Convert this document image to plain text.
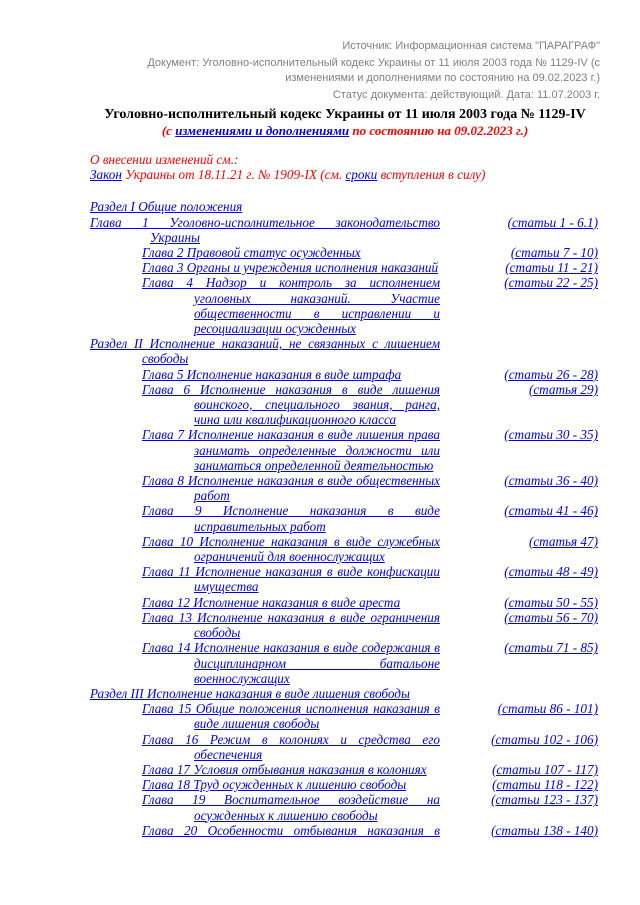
Источник: Информационная система "ПАРАГРАФ"

Документ: Уголовно-исполнительный кодекс Украины от 11 июля 2003 года № 1129-IV (с изменениями и дополнениями по состоянию на 09.02.2023 г.)

Статус документа: действующий. Дата: 11.07.2003 г.

Уголовно-исполнительный кодекс Украины от 11 июля 2003 года № 1129-IV

(с изменениями и дополнениями по состоянию на 09.02.2023 г.)

О внесении изменений см.:

Закон Украины от 18.11.21 г. № 1909-IX (см. сроки вступления в силу)

Раздел I Общие положения	

Глава 1 Уголовно-исполнительное законодательство Украины	(статьи 1 - 6.1)

Глава 2 Правовой статус осужденных	(статьи 7 - 10)

Глава 3 Органы и учреждения исполнения наказаний	(статьи 11 - 21)

Глава 4 Надзор и контроль за исполнением уголовных наказаний. Участие общественности в исправлении и ресоциализации осужденных	(статьи 22 - 25)

Раздел II Исполнение наказаний, не связанных с лишением свободы	

Глава 5 Исполнение наказания в виде штрафа	(статьи 26 - 28)

Глава 6 Исполнение наказания в виде лишения воинского, специального звания, ранга, чина или квалификационного класса	(статья 29)

Глава 7 Исполнение наказания в виде лишения права занимать определенные должности или заниматься определенной деятельностью	(статьи 30 - 35)

Глава 8 Исполнение наказания в виде общественных работ	(статьи 36 - 40)

Глава 9 Исполнение наказания в виде исправительных работ	(статьи 41 - 46)

Глава 10 Исполнение наказания в виде служебных ограничений для военнослужащих	(статья 47)

Глава 11 Исполнение наказания в виде конфискации имущества	(статьи 48 - 49)

Глава 12 Исполнение наказания в виде ареста	(статьи 50 - 55)

Глава 13 Исполнение наказания в виде ограничения свободы	(статьи 56 - 70)

Глава 14 Исполнение наказания в виде содержания в дисциплинарном батальоне военнослужащих	(статьи 71 - 85)

Раздел III Исполнение наказания в виде лишения свободы	

Глава 15 Общие положения исполнения наказания в виде лишения свободы	(статьи 86 - 101)

Глава 16 Режим в колониях и средства его обеспечения	(статьи 102 - 106)

Глава 17 Условия отбывания наказания в колониях	(статьи 107 - 117)

Глава 18 Труд осужденных к лишению свободы	(статьи 118 - 122)

Глава 19 Воспитательное воздействие на осужденных к лишению свободы	(статьи 123 - 137)

Глава 20 Особенности отбывания наказания в	(статьи 138 - 140)
